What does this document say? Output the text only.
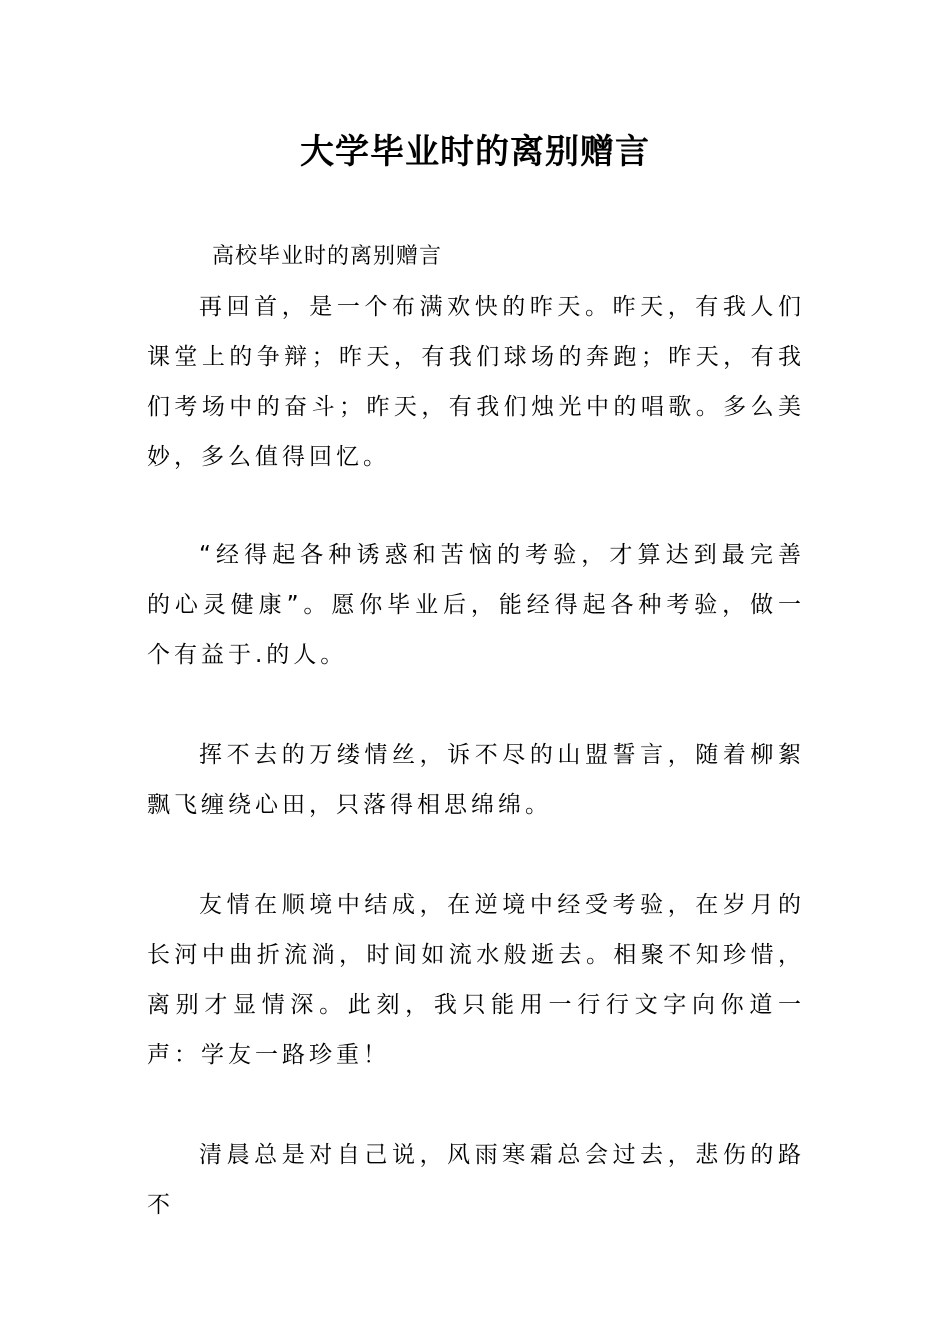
大学毕业时的离别赠言
高校毕业时的离别赠言

再回首，是一个布满欢快的昨天。昨天，有我人们课堂上的争辩；昨天，有我们球场的奔跑；昨天，有我们考场中的奋斗；昨天，有我们烛光中的唱歌。多么美妙，多么值得回忆。

“经得起各种诱惑和苦恼的考验，才算达到最完善的心灵健康”。愿你毕业后，能经得起各种考验，做一个有益于.的人。

挥不去的万缕情丝，诉不尽的山盟誓言，随着柳絮飘飞缠绕心田，只落得相思绵绵。

友情在顺境中结成，在逆境中经受考验，在岁月的长河中曲折流淌，时间如流水般逝去。相聚不知珍惜，离别才显情深。此刻，我只能用一行行文字向你道一声：学友一路珍重！

清晨总是对自己说，风雨寒霜总会过去，悲伤的路不
